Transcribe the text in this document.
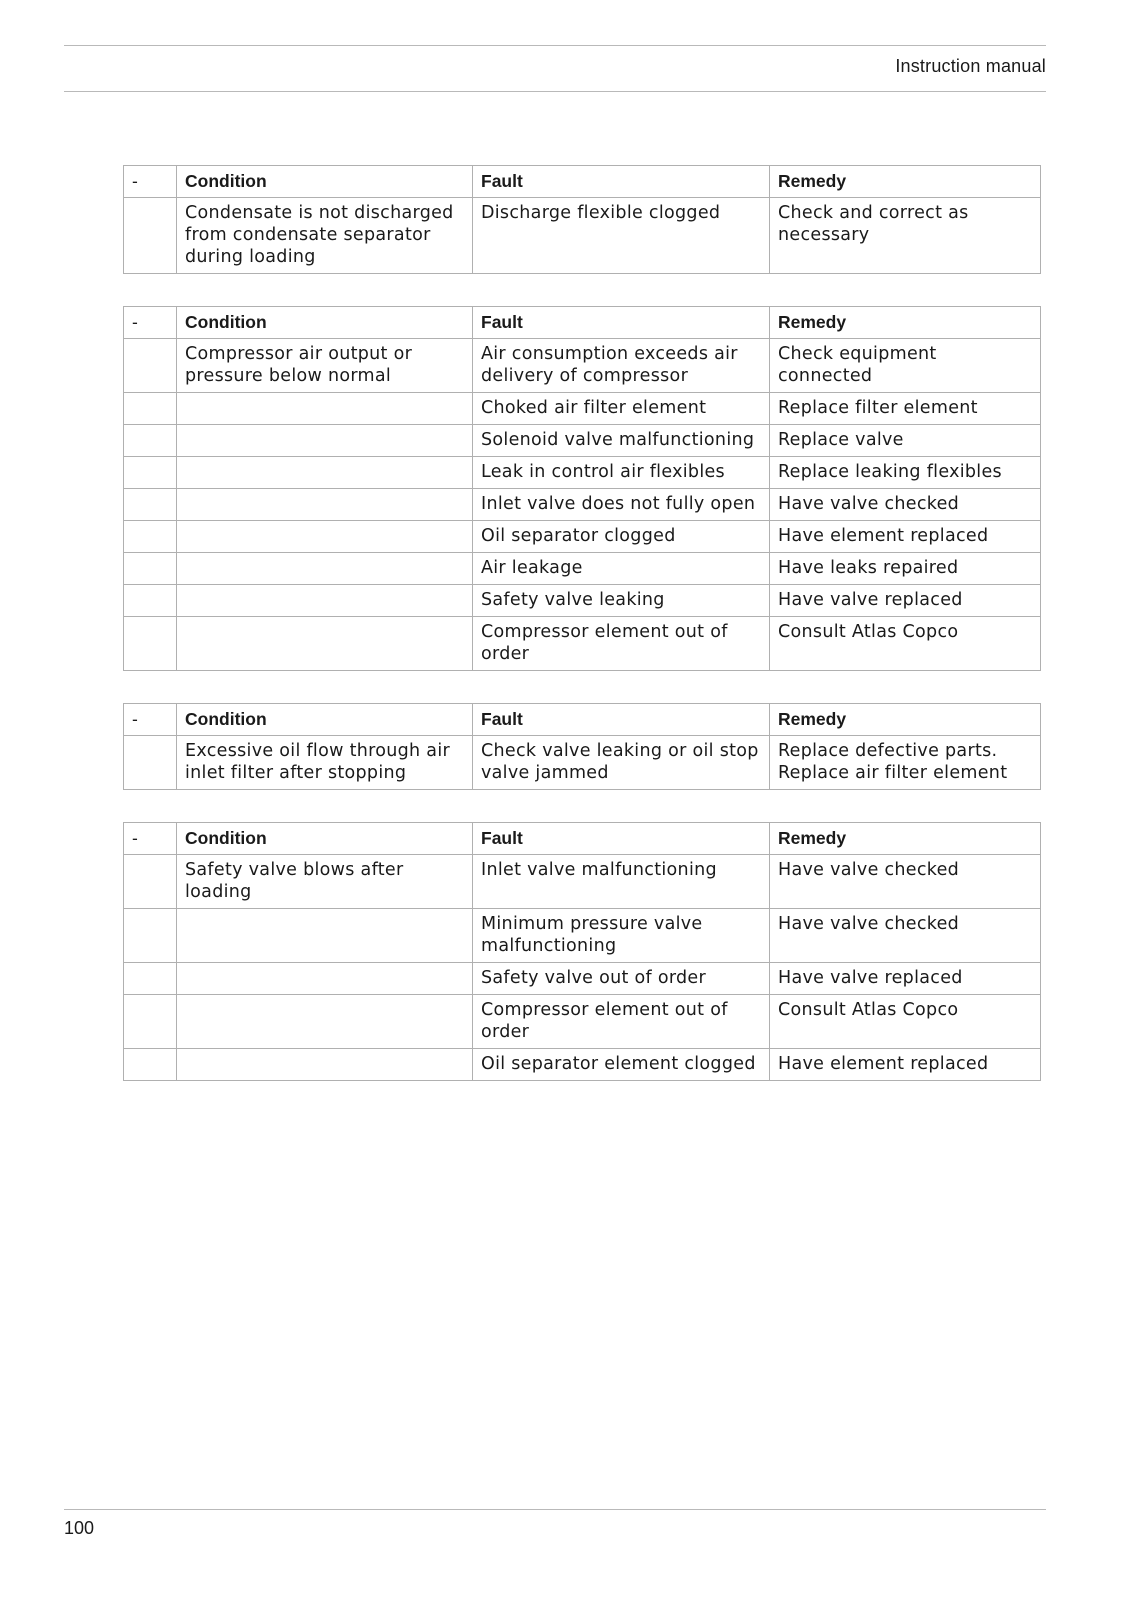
Instruction manual
-	Condition	Fault	Remedy
	Condensate is not discharged from condensate separator during loading	Discharge flexible clogged	Check and correct as necessary
-	Condition	Fault	Remedy
	Compressor air output or pressure below normal	Air consumption exceeds air delivery of compressor	Check equipment connected
		Choked air filter element	Replace filter element
		Solenoid valve malfunctioning	Replace valve
		Leak in control air flexibles	Replace leaking flexibles
		Inlet valve does not fully open	Have valve checked
		Oil separator clogged	Have element replaced
		Air leakage	Have leaks repaired
		Safety valve leaking	Have valve replaced
		Compressor element out of order	Consult Atlas Copco
-	Condition	Fault	Remedy
	Excessive oil flow through air inlet filter after stopping	Check valve leaking or oil stop valve jammed	Replace defective parts. Replace air filter element
-	Condition	Fault	Remedy
	Safety valve blows after loading	Inlet valve malfunctioning	Have valve checked
		Minimum pressure valve malfunctioning	Have valve checked
		Safety valve out of order	Have valve replaced
		Compressor element out of order	Consult Atlas Copco
		Oil separator element clogged	Have element replaced
100
